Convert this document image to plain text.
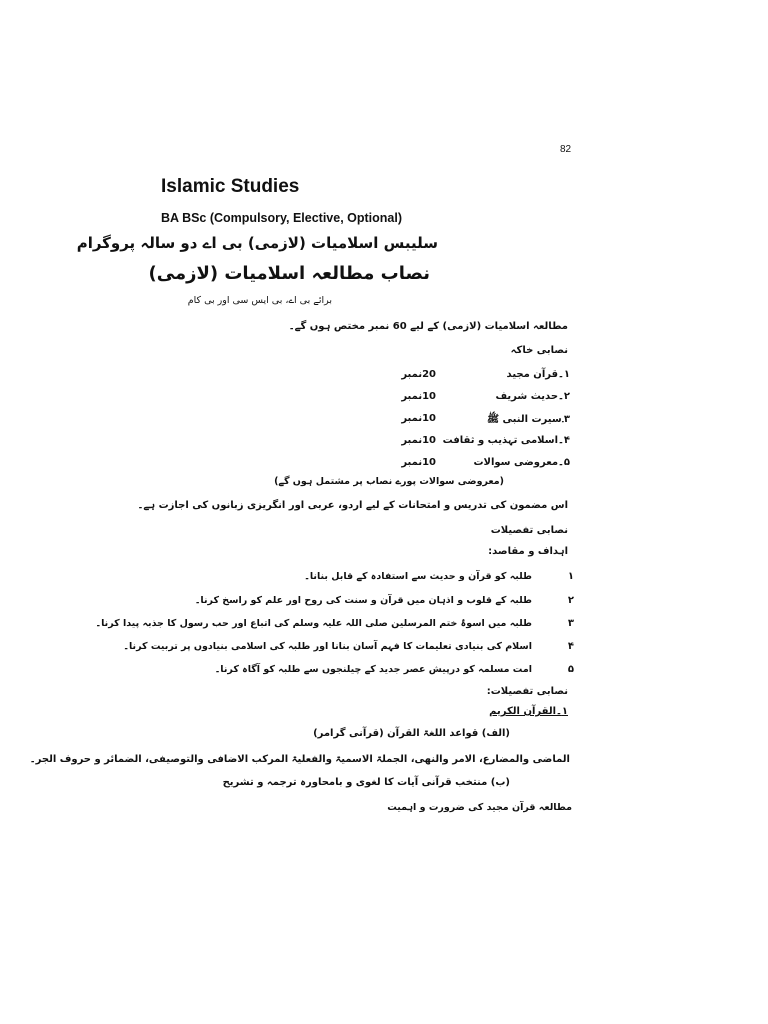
82
Islamic Studies
BA BSc (Compulsory, Elective, Optional)
سلیبس اسلامیات (لازمی) بی اے دو سالہ پروگرام
نصاب مطالعہ اسلامیات (لازمی)
برائے بی اے، بی ایس سی اور بی کام
مطالعہ اسلامیات (لازمی) کے لیے 60 نمبر مختص ہوں گے۔
نصابی خاکہ
۱۔قرآن مجید
20نمبر
۲۔حدیث شریف
10نمبر
۳۔سیرت النبی ﷺ
10نمبر
۴۔اسلامی تہذیب و ثقافت
10نمبر
۵۔معروضی سوالات
10نمبر
(معروضی سوالات پورے نصاب پر مشتمل ہوں گے)
اس مضمون کی تدریس و امتحانات کے لیے اردو، عربی اور انگریزی زبانوں کی اجازت ہے۔
نصابی تفصیلات
اہداف و مقاصد:
۱
طلبہ کو قرآن و حدیث سے استفادہ کے قابل بنانا۔
۲
طلبہ کے قلوب و اذہان میں قرآن و سنت کی روح اور علم کو راسخ کرنا۔
۳
طلبہ میں اسوۂ ختم المرسلین صلی اللہ علیہ وسلم کی اتباع اور حب رسول کا جذبہ پیدا کرنا۔
۴
اسلام کی بنیادی تعلیمات کا فہم آسان بنانا اور طلبہ کی اسلامی بنیادوں پر تربیت کرنا۔
۵
امت مسلمہ کو درپیش عصر جدید کے چیلنجوں سے طلبہ کو آگاہ کرنا۔
نصابی تفصیلات:
۱۔القرآن الکریم
(الف) قواعد اللغۃ القرآن (قرآنی گرامر)
الماضی والمضارع، الامر والنھی، الجملۃ الاسمیۃ والفعلیۃ المرکب الاضافی والتوصیفی، الضمائر و حروف الجر۔
(ب) منتخب قرآنی آیات کا لغوی و بامحاورہ ترجمہ و تشریح
مطالعہ قرآن مجید کی ضرورت و اہمیت
